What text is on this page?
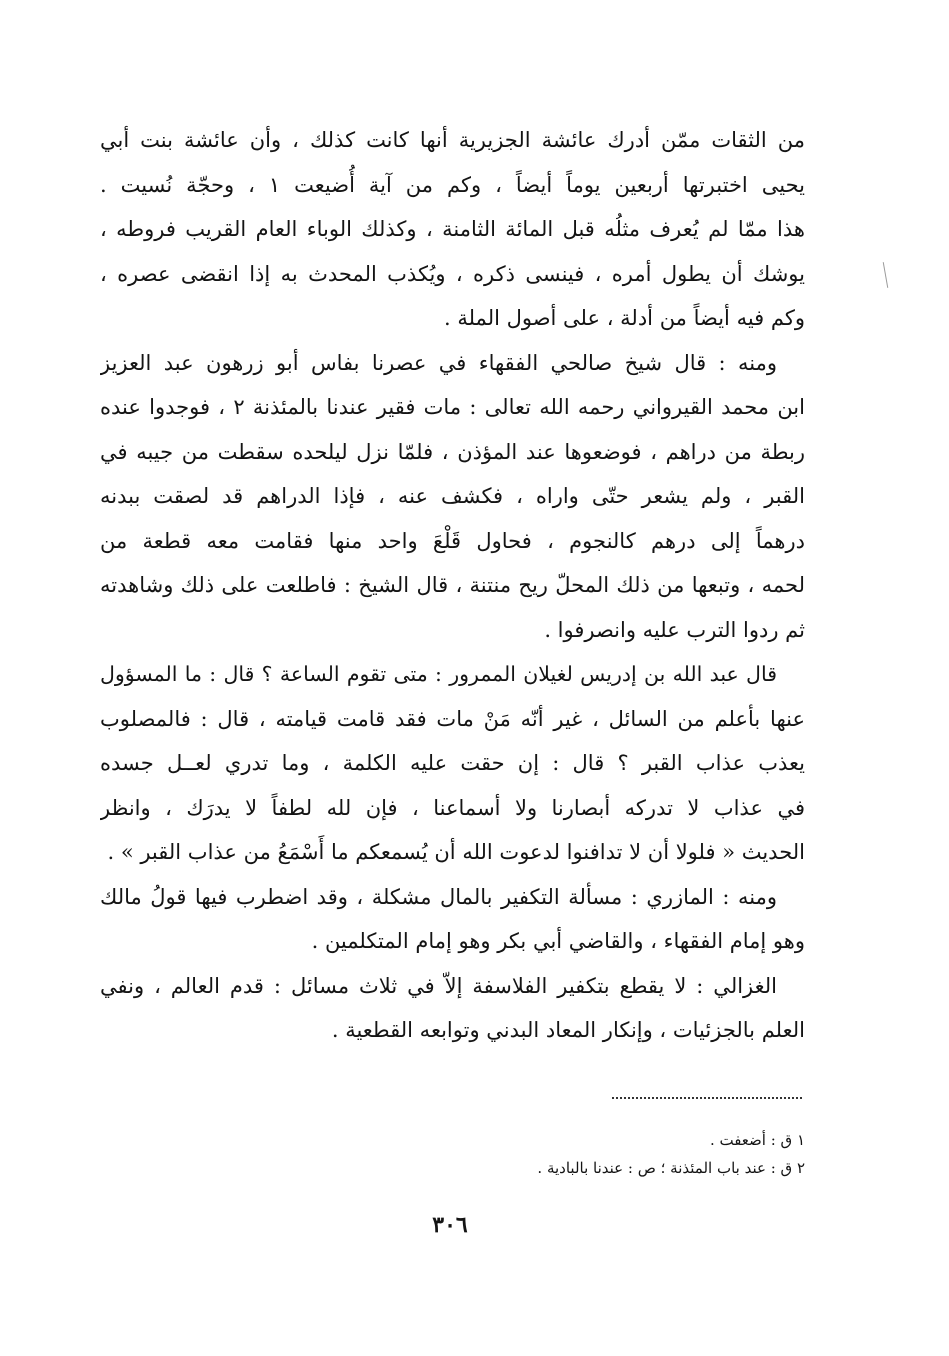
من الثقات ممّن أدرك عائشة الجزيرية أنها كانت كذلك ، وأن عائشة بنت أبي
يحيى اختبرتها أربعين يوماً أيضاً ، وكم من آية أُضيعت ١ ، وحجّة نُسيت .
هذا ممّا لم يُعرف مثلُه قبل المائة الثامنة ، وكذلك الوباء العام القريب فروطه ،
يوشك أن يطول أمره ، فينسى ذكره ، ويُكذب المحدث به إذا انقضى عصره ،
وكم فيه أيضاً من أدلة ، على أصول الملة .
ومنه : قال شيخ صالحي الفقهاء في عصرنا بفاس أبو زرهون عبد العزيز
ابن محمد القيرواني رحمه الله تعالى : مات فقير عندنا بالمئذنة ٢ ، فوجدوا عنده
ربطة من دراهم ، فوضعوها عند المؤذن ، فلمّا نزل ليلحده سقطت من جيبه في
القبر ، ولم يشعر حتّى واراه ، فكشف عنه ، فإذا الدراهم قد لصقت ببدنه
درهماً إلى درهم كالنجوم ، فحاول قَلْعَ واحد منها فقامت معه قطعة من
لحمه ، وتبعها من ذلك المحلّ ريح منتنة ، قال الشيخ : فاطلعت على ذلك وشاهدته
ثم ردوا الترب عليه وانصرفوا .
قال عبد الله بن إدريس لغيلان الممرور : متى تقوم الساعة ؟ قال : ما المسؤول
عنها بأعلم من السائل ، غير أنّه مَنْ مات فقد قامت قيامته ، قال : فالمصلوب
يعذب عذاب القبر ؟ قال : إن حقت عليه الكلمة ، وما تدري لعــل جسده
في عذاب لا تدركه أبصارنا ولا أسماعنا ، فإن لله لطفاً لا يدرَك ، وانظر
الحديث « فلولا أن لا تدافنوا لدعوت الله أن يُسمعكم ما أَسْمَعُ من عذاب القبر » .
ومنه : المازري : مسألة التكفير بالمال مشكلة ، وقد اضطرب فيها قولُ مالك
وهو إمام الفقهاء ، والقاضي أبي بكر وهو إمام المتكلمين .
الغزالي : لا يقطع بتكفير الفلاسفة إلاّ في ثلاث مسائل : قدم العالم ، ونفي
العلم بالجزئيات ، وإنكار المعاد البدني وتوابعه القطعية .
١ ق : أضعفت .
٢ ق : عند باب المئذنة ؛ ص : عندنا بالبادية .
٣٠٦
